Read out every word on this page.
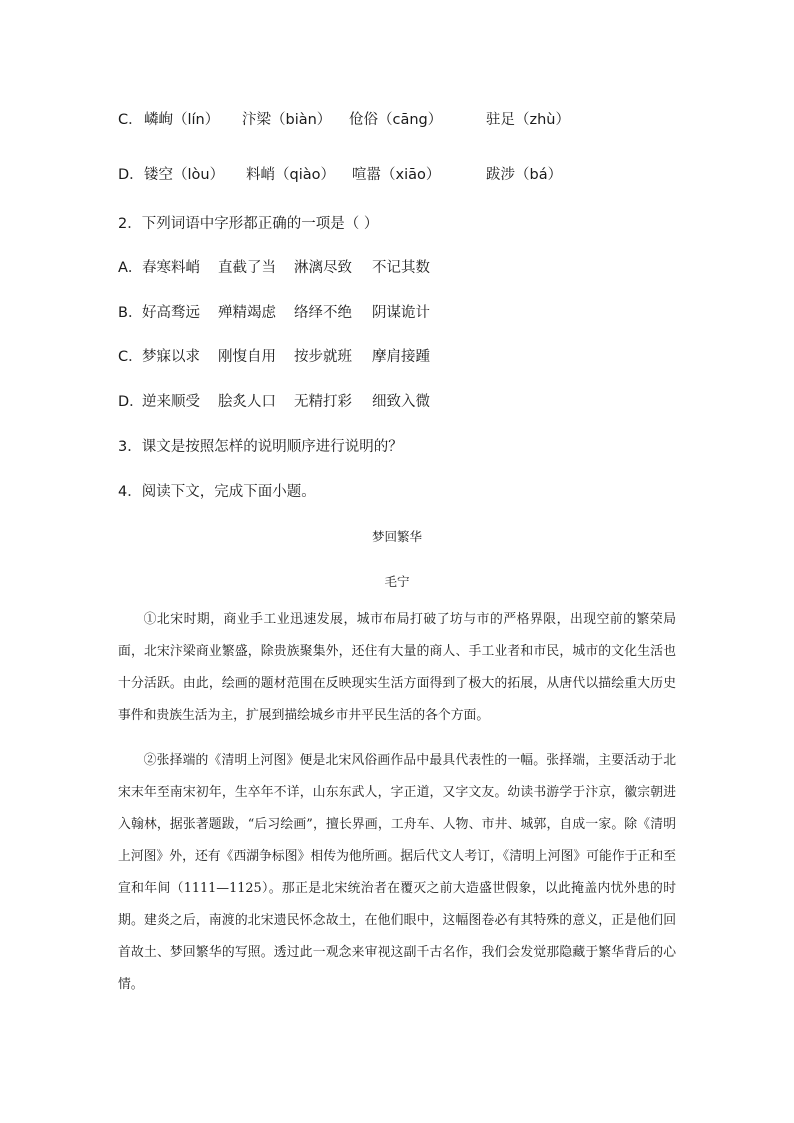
C． 嶙峋（lín） 汴梁（biàn） 伧俗（cāng）	驻足（zhù）
D． 镂空（lòu） 料峭（qiào） 喧嚣（xiāo）	跋涉（bá）
2．下列词语中字形都正确的一项是（ ）
A． 春寒料峭 直截了当 淋漓尽致 不记其数
B． 好高骛远 殚精竭虑 络绎不绝 阴谋诡计
C． 梦寐以求 刚愎自用 按步就班 摩肩接踵
D．
逆来顺受 脍炙人口 无精打彩 细致入微
3．课文是按照怎样的说明顺序进行说明的？
4．阅读下文，完成下面小题。
梦回繁华
毛宁

①北宋时期，商业手工业迅速发展，城市布局打破了坊与市的严格界限，出现空前的繁荣局面，北宋汴梁商业繁盛，除贵族聚集外，还住有大量的商人、手工业者和市民，城市的文化生活也十分活跃。由此，绘画的题材范围在反映现实生活方面得到了极大的拓展，从唐代以描绘重大历史事件和贵族生活为主，扩展到描绘城乡市井平民生活的各个方面。

②张择端的《清明上河图》便是北宋风俗画作品中最具代表性的一幅。张择端，主要活动于北宋末年至南宋初年，生卒年不详，山东东武人，字正道，又字文友。幼读书游学于汴京，徽宗朝进入翰林，据张著题跋，“后习绘画”，擅长界画，工舟车、人物、市井、城郭，自成一家。除《清明上河图》外，还有《西湖争标图》相传为他所画。据后代文人考订，《清明上河图》可能作于正和至宣和年间（1111—1125）。那正是北宋统治者在覆灭之前大造盛世假象，以此掩盖内忧外患的时期。建炎之后，南渡的北宋遗民怀念故土，在他们眼中，这幅图卷必有其特殊的意义，正是他们回首故土、梦回繁华的写照。透过此一观念来审视这副千古名作，我们会发觉那隐藏于繁华背后的心情。
